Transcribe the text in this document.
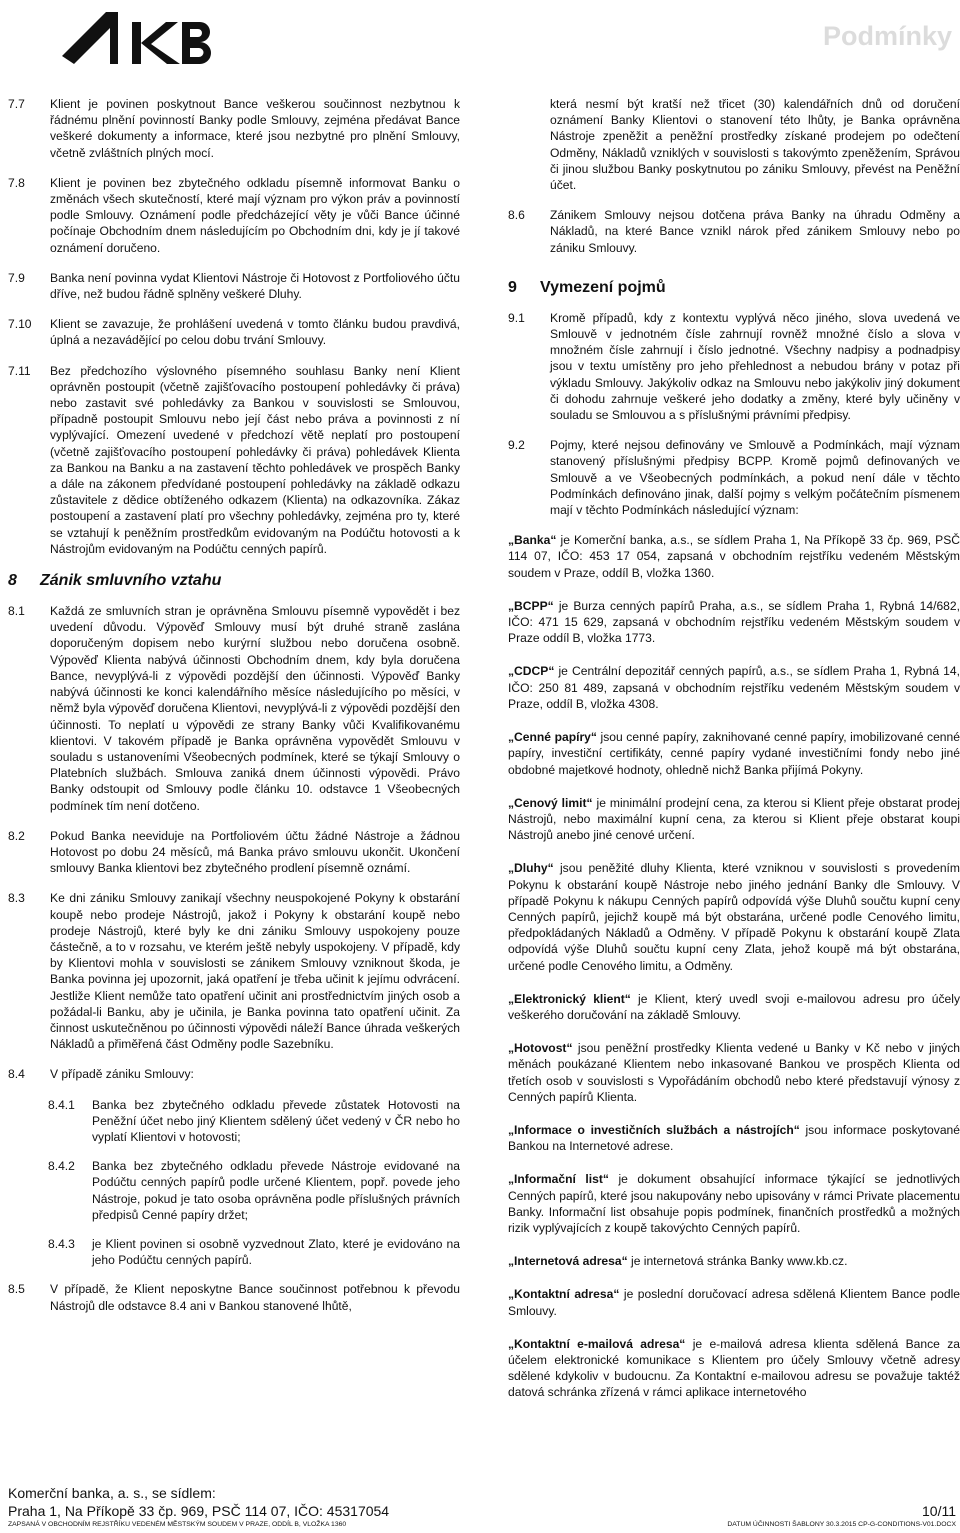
Podmínky
7.7 Klient je povinen poskytnout Bance veškerou součinnost nezbytnou k řádnému plnění povinností Banky podle Smlouvy, zejména předávat Bance veškeré dokumenty a informace, které jsou nezbytné pro plnění Smlouvy, včetně zvláštních plných mocí.
7.8 Klient je povinen bez zbytečného odkladu písemně informovat Banku o změnách všech skutečností, které mají význam pro výkon práv a povinností podle Smlouvy. Oznámení podle předcházející věty je vůči Bance účinné počínaje Obchodním dnem následujícím po Obchodním dni, kdy je jí takové oznámení doručeno.
7.9 Banka není povinna vydat Klientovi Nástroje či Hotovost z Portfoliového účtu dříve, než budou řádně splněny veškeré Dluhy.
7.10 Klient se zavazuje, že prohlášení uvedená v tomto článku budou pravdivá, úplná a nezavádějící po celou dobu trvání Smlouvy.
7.11 Bez předchozího výslovného písemného souhlasu Banky není Klient oprávněn postoupit (včetně zajišťovacího postoupení pohledávky či práva) nebo zastavit své pohledávky za Bankou v souvislosti se Smlouvou, případně postoupit Smlouvu nebo její část nebo práva a povinnosti z ní vyplývající. Omezení uvedené v předchozí větě neplatí pro postoupení (včetně zajišťovacího postoupení pohledávky či práva) pohledávek Klienta za Bankou na Banku a na zastavení těchto pohledávek ve prospěch Banky a dále na zákonem předvídané postoupení pohledávky na základě odkazu zůstavitele z dědice obtíženého odkazem (Klienta) na odkazovníka. Zákaz postoupení a zastavení platí pro všechny pohledávky, zejména pro ty, které se vztahují k peněžním prostředkům evidovaným na Podúčtu hotovosti a k Nástrojům evidovaným na Podúčtu cenných papírů.
8 Zánik smluvního vztahu
8.1 Každá ze smluvních stran je oprávněna Smlouvu písemně vypovědět i bez uvedení důvodu. Výpověď Smlouvy musí být druhé straně zaslána doporučeným dopisem nebo kurýrní službou nebo doručena osobně. Výpověď Klienta nabývá účinnosti Obchodním dnem, kdy byla doručena Bance, nevyplývá-li z výpovědi pozdější den účinnosti. Výpověď Banky nabývá účinnosti ke konci kalendářního měsíce následujícího po měsíci, v němž byla výpověď doručena Klientovi, nevyplývá-li z výpovědi pozdější den účinnosti. To neplatí u výpovědi ze strany Banky vůči Kvalifikovanému klientovi. V takovém případě je Banka oprávněna vypovědět Smlouvu v souladu s ustanoveními Všeobecných podmínek, které se týkají Smlouvy o Platebních službách. Smlouva zaniká dnem účinnosti výpovědi. Právo Banky odstoupit od Smlouvy podle článku 10. odstavce 1 Všeobecných podmínek tím není dotčeno.
8.2 Pokud Banka neeviduje na Portfoliovém účtu žádné Nástroje a žádnou Hotovost po dobu 24 měsíců, má Banka právo smlouvu ukončit. Ukončení smlouvy Banka klientovi bez zbytečného prodlení písemně oznámí.
8.3 Ke dni zániku Smlouvy zanikají všechny neuspokojené Pokyny k obstarání koupě nebo prodeje Nástrojů, jakož i Pokyny k obstarání koupě nebo prodeje Nástrojů, které byly ke dni zániku Smlouvy uspokojeny pouze částečně, a to v rozsahu, ve kterém ještě nebyly uspokojeny. V případě, kdy by Klientovi mohla v souvislosti se zánikem Smlouvy vzniknout škoda, je Banka povinna jej upozornit, jaká opatření je třeba učinit k jejímu odvrácení. Jestliže Klient nemůže tato opatření učinit ani prostřednictvím jiných osob a požádal-li Banku, aby je učinila, je Banka povinna tato opatření učinit. Za činnost uskutečněnou po účinnosti výpovědi náleží Bance úhrada veškerých Nákladů a přiměřená část Odměny podle Sazebníku.
8.4 V případě zániku Smlouvy:
8.4.1 Banka bez zbytečného odkladu převede zůstatek Hotovosti na Peněžní účet nebo jiný Klientem sdělený účet vedený v ČR nebo ho vyplatí Klientovi v hotovosti;
8.4.2 Banka bez zbytečného odkladu převede Nástroje evidované na Podúčtu cenných papírů podle určené Klientem, popř. povede jeho Nástroje, pokud je tato osoba oprávněna podle příslušných právních předpisů Cenné papíry držet;
8.4.3 je Klient povinen si osobně vyzvednout Zlato, které je evidováno na jeho Podúčtu cenných papírů.
8.5 V případě, že Klient neposkytne Bance součinnost potřebnou k převodu Nástrojů dle odstavce 8.4 ani v Bankou stanovené lhůtě,
která nesmí být kratší než třicet (30) kalendářních dnů od doručení oznámení Banky Klientovi o stanovení této lhůty, je Banka oprávněna Nástroje zpeněžit a peněžní prostředky získané prodejem po odečtení Odměny, Nákladů vzniklých v souvislosti s takovýmto zpeněžením, Správou či jinou službou Banky poskytnutou po zániku Smlouvy, převést na Peněžní účet.
8.6 Zánikem Smlouvy nejsou dotčena práva Banky na úhradu Odměny a Nákladů, na které Bance vznikl nárok před zánikem Smlouvy nebo po zániku Smlouvy.
9 Vymezení pojmů
9.1 Kromě případů, kdy z kontextu vyplývá něco jiného, slova uvedená ve Smlouvě v jednotném čísle zahrnují rovněž množné číslo a slova v množném čísle zahrnují i číslo jednotné. Všechny nadpisy a podnadpisy jsou v textu umístěny pro jeho přehlednost a nebudou brány v potaz při výkladu Smlouvy. Jakýkoliv odkaz na Smlouvu nebo jakýkoliv jiný dokument či dohodu zahrnuje veškeré jeho dodatky a změny, které byly učiněny v souladu se Smlouvou a s příslušnými právními předpisy.
9.2 Pojmy, které nejsou definovány ve Smlouvě a Podmínkách, mají význam stanovený příslušnými předpisy BCPP. Kromě pojmů definovaných ve Smlouvě a ve Všeobecných podmínkách, a pokud není dále v těchto Podmínkách definováno jinak, další pojmy s velkým počátečním písmenem mají v těchto Podmínkách následující význam:
„Banka“ je Komerční banka, a.s., se sídlem Praha 1, Na Příkopě 33 čp. 969, PSČ 114 07, IČO: 453 17 054, zapsaná v obchodním rejstříku vedeném Městským soudem v Praze, oddíl B, vložka 1360.
„BCPP“ je Burza cenných papírů Praha, a.s., se sídlem Praha 1, Rybná 14/682, IČO: 471 15 629, zapsaná v obchodním rejstříku vedeném Městským soudem v Praze oddíl B, vložka 1773.
„CDCP“ je Centrální depozitář cenných papírů, a.s., se sídlem Praha 1, Rybná 14, IČO: 250 81 489, zapsaná v obchodním rejstříku vedeném Městským soudem v Praze, oddíl B, vložka 4308.
„Cenné papíry“ jsou cenné papíry, zaknihované cenné papíry, imobilizované cenné papíry, investiční certifikáty, cenné papíry vydané investičními fondy nebo jiné obdobné majetkové hodnoty, ohledně nichž Banka přijímá Pokyny.
„Cenový limit“ je minimální prodejní cena, za kterou si Klient přeje obstarat prodej Nástrojů, nebo maximální kupní cena, za kterou si Klient přeje obstarat koupi Nástrojů anebo jiné cenové určení.
„Dluhy“ jsou peněžité dluhy Klienta, které vzniknou v souvislosti s provedením Pokynu k obstarání koupě Nástroje nebo jiného jednání Banky dle Smlouvy. V případě Pokynu k nákupu Cenných papírů odpovídá výše Dluhů součtu kupní ceny Cenných papírů, jejichž koupě má být obstarána, určené podle Cenového limitu, předpokládaných Nákladů a Odměny. V případě Pokynu k obstarání koupě Zlata odpovídá výše Dluhů součtu kupní ceny Zlata, jehož koupě má být obstarána, určené podle Cenového limitu, a Odměny.
„Elektronický klient“ je Klient, který uvedl svoji e-mailovou adresu pro účely veškerého doručování na základě Smlouvy.
„Hotovost“ jsou peněžní prostředky Klienta vedené u Banky v Kč nebo v jiných měnách poukázané Klientem nebo inkasované Bankou ve prospěch Klienta od třetích osob v souvislosti s Vypořádáním obchodů nebo které představují výnosy z Cenných papírů Klienta.
„Informace o investičních službách a nástrojích“ jsou informace poskytované Bankou na Internetové adrese.
„Informační list“ je dokument obsahující informace týkající se jednotlivých Cenných papírů, které jsou nakupovány nebo upisovány v rámci Private placementu Banky. Informační list obsahuje popis podmínek, finančních prostředků a možných rizik vyplývajících z koupě takovýchto Cenných papírů.
„Internetová adresa“ je internetová stránka Banky www.kb.cz.
„Kontaktní adresa“ je poslední doručovací adresa sdělená Klientem Bance podle Smlouvy.
„Kontaktní e-mailová adresa“ je e-mailová adresa klienta sdělená Bance za účelem elektronické komunikace s Klientem pro účely Smlouvy včetně adresy sdělené kdykoliv v budoucnu. Za Kontaktní e-mailovou adresu se považuje taktéž datová schránka zřízená v rámci aplikace internetového
Komerční banka, a. s., se sídlem:
Praha 1, Na Příkopě 33 čp. 969, PSČ 114 07, IČO: 45317054	10/11
ZAPSANÁ V OBCHODNÍM REJSTŘÍKU VEDENÉM MĚSTSKÝM SOUDEM V PRAZE, ODDÍL B, VLOŽKA 1360	DATUM ÚČINNOSTI ŠABLONY 30.3.2015 CP-G-CONDITIONS-V01.DOCX
